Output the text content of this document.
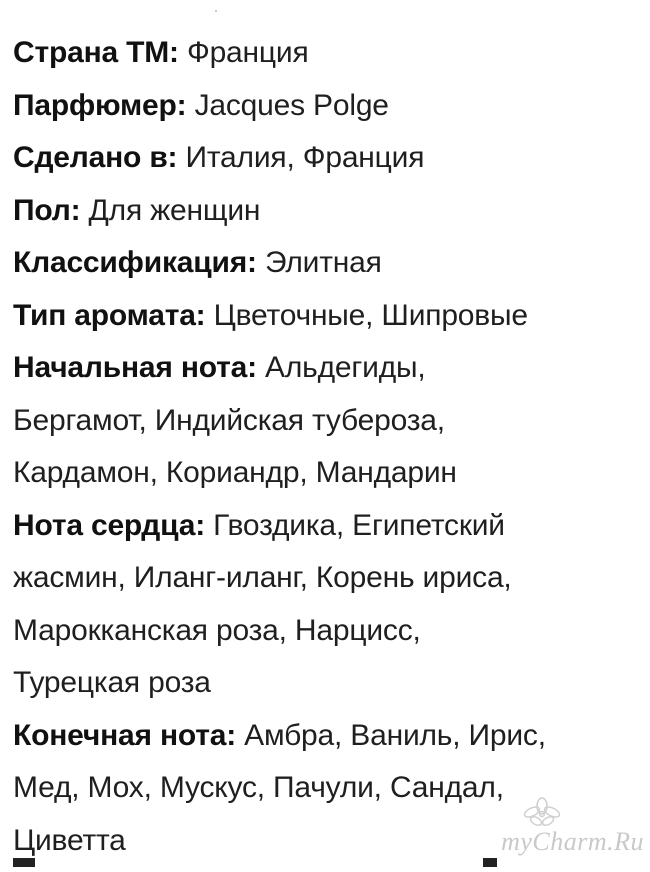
Страна ТМ: Франция

Парфюмер: Jacques Polge

Сделано в: Италия, Франция

Пол: Для женщин

Классификация: Элитная

Тип аромата: Цветочные, Шипровые

Начальная нота: Альдегиды,

Бергамот, Индийская тубероза,

Кардамон, Кориандр, Мандарин

Нота сердца: Гвоздика, Египетский

жасмин, Иланг-иланг, Корень ириса,

Марокканская роза, Нарцисс,

Турецкая роза

Конечная нота: Амбра, Ваниль, Ирис,

Мед, Мох, Мускус, Пачули, Сандал,

Циветта	myCharm.Ru
